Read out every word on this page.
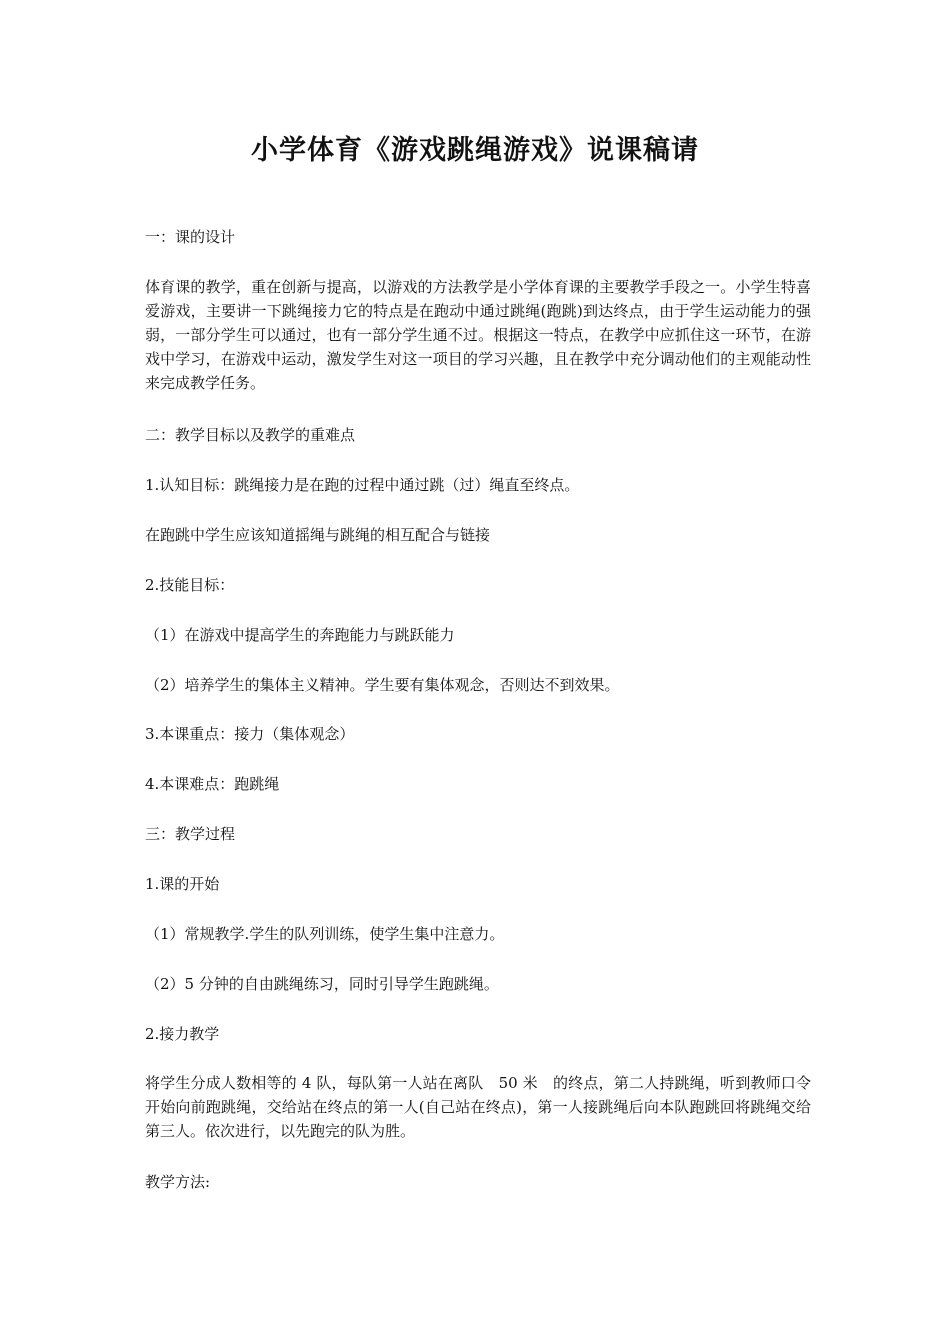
小学体育《游戏跳绳游戏》说课稿请

一：课的设计

体育课的教学，重在创新与提高，以游戏的方法教学是小学体育课的主要教学手段之一。小学生特喜爱游戏，主要讲一下跳绳接力它的特点是在跑动中通过跳绳(跑跳)到达终点，由于学生运动能力的强弱，一部分学生可以通过，也有一部分学生通不过。根据这一特点，在教学中应抓住这一环节，在游戏中学习，在游戏中运动，激发学生对这一项目的学习兴趣，且在教学中充分调动他们的主观能动性来完成教学任务。

二：教学目标以及教学的重难点

1.认知目标：跳绳接力是在跑的过程中通过跳（过）绳直至终点。

在跑跳中学生应该知道摇绳与跳绳的相互配合与链接

2.技能目标：

（1）在游戏中提高学生的奔跑能力与跳跃能力

（2）培养学生的集体主义精神。学生要有集体观念，否则达不到效果。

3.本课重点：接力（集体观念）

4.本课难点：跑跳绳

三：教学过程

1.课的开始

（1）常规教学.学生的队列训练，使学生集中注意力。

（2）5 分钟的自由跳绳练习，同时引导学生跑跳绳。

2.接力教学

将学生分成人数相等的 4 队，每队第一人站在离队　50 米　的终点，第二人持跳绳，听到教师口令开始向前跑跳绳，交给站在终点的第一人(自己站在终点)，第一人接跳绳后向本队跑跳回将跳绳交给第三人。依次进行，以先跑完的队为胜。

教学方法:
